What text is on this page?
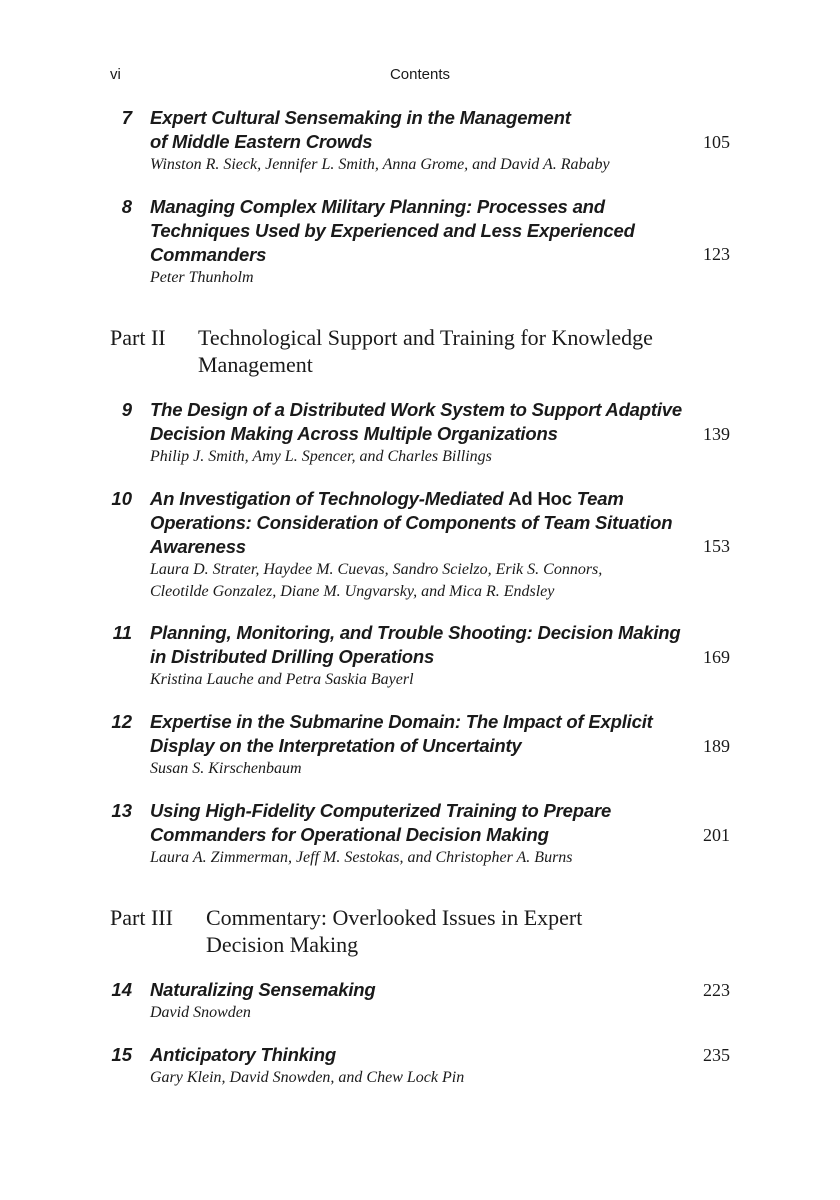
vi	Contents
7 Expert Cultural Sensemaking in the Management
of Middle Eastern Crowds
Winston R. Sieck, Jennifer L. Smith, Anna Grome, and David A. Rababy
105
8 Managing Complex Military Planning: Processes and
Techniques Used by Experienced and Less Experienced
Commanders
Peter Thunholm
123
Part II Technological Support and Training for Knowledge
Management
9 The Design of a Distributed Work System to Support Adaptive
Decision Making Across Multiple Organizations
Philip J. Smith, Amy L. Spencer, and Charles Billings
139
10 An Investigation of Technology-Mediated Ad Hoc Team
Operations: Consideration of Components of Team Situation
Awareness
Laura D. Strater, Haydee M. Cuevas, Sandro Scielzo, Erik S. Connors,
Cleotilde Gonzalez, Diane M. Ungvarsky, and Mica R. Endsley
153
11 Planning, Monitoring, and Trouble Shooting: Decision Making
in Distributed Drilling Operations
Kristina Lauche and Petra Saskia Bayerl
169
12 Expertise in the Submarine Domain: The Impact of Explicit
Display on the Interpretation of Uncertainty
Susan S. Kirschenbaum
189
13 Using High-Fidelity Computerized Training to Prepare
Commanders for Operational Decision Making
Laura A. Zimmerman, Jeff M. Sestokas, and Christopher A. Burns
201
Part III Commentary: Overlooked Issues in Expert
Decision Making
14 Naturalizing Sensemaking
David Snowden
223
15 Anticipatory Thinking
Gary Klein, David Snowden, and Chew Lock Pin
235
